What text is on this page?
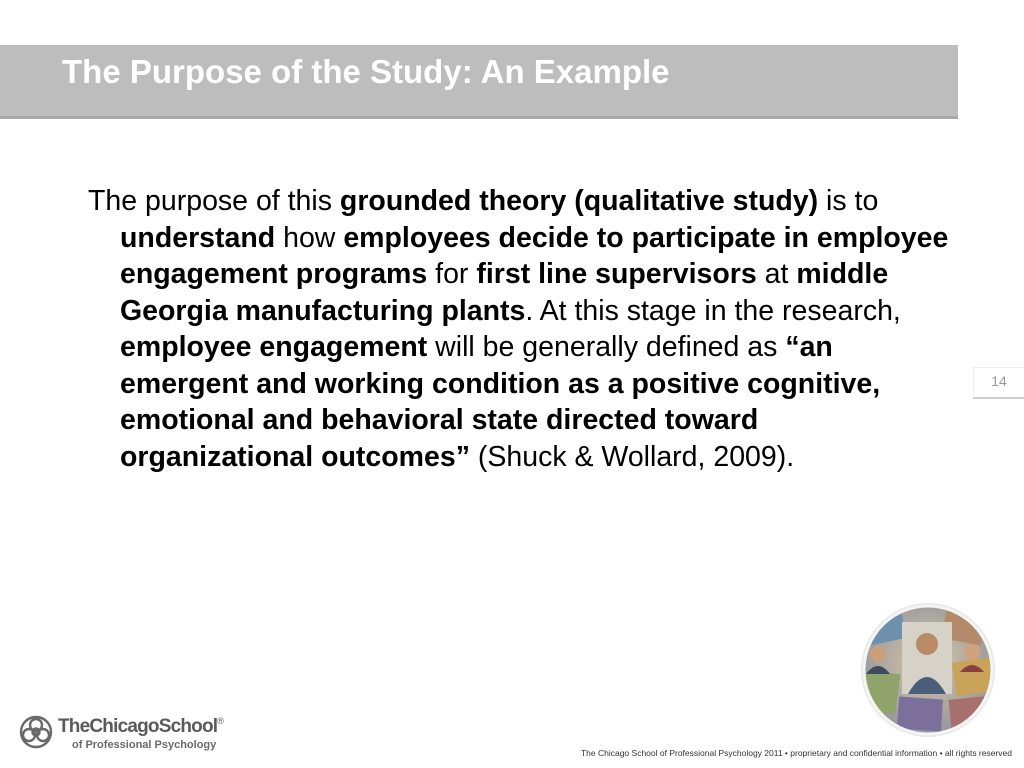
The Purpose of the Study: An Example

The purpose of this grounded theory (qualitative study) is to understand how employees decide to participate in employee engagement programs for first line supervisors at middle Georgia manufacturing plants. At this stage in the research, employee engagement will be generally defined as “an emergent and working condition as a positive cognitive, emotional and behavioral state directed toward organizational outcomes” (Shuck & Wollard, 2009).

14
TheChicagoSchool®
of Professional Psychology
The Chicago School of Professional Psychology 2011 • proprietary and confidential information • all rights reserved
